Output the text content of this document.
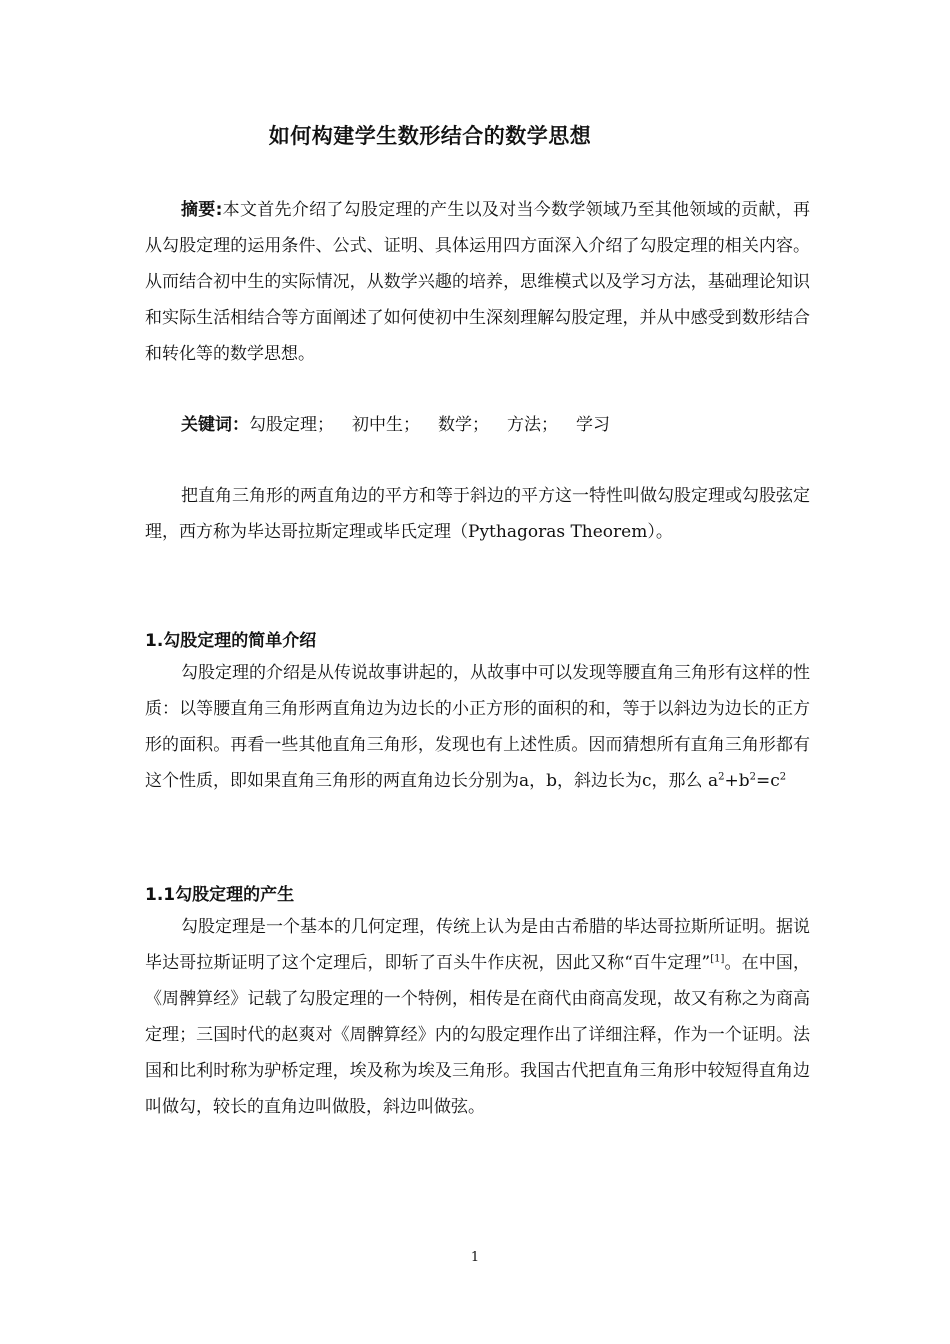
如何构建学生数形结合的数学思想
摘要:本文首先介绍了勾股定理的产生以及对当今数学领域乃至其他领域的贡献，再从勾股定理的运用条件、公式、证明、具体运用四方面深入介绍了勾股定理的相关内容。从而结合初中生的实际情况，从数学兴趣的培养，思维模式以及学习方法，基础理论知识和实际生活相结合等方面阐述了如何使初中生深刻理解勾股定理，并从中感受到数形结合和转化等的数学思想。
关键词：勾股定理； 初中生； 数学； 方法； 学习
把直角三角形的两直角边的平方和等于斜边的平方这一特性叫做勾股定理或勾股弦定理，西方称为毕达哥拉斯定理或毕氏定理（Pythagoras Theorem）。
1.勾股定理的简单介绍
勾股定理的介绍是从传说故事讲起的，从故事中可以发现等腰直角三角形有这样的性质：以等腰直角三角形两直角边为边长的小正方形的面积的和，等于以斜边为边长的正方形的面积。再看一些其他直角三角形，发现也有上述性质。因而猜想所有直角三角形都有这个性质，即如果直角三角形的两直角边长分别为a，b，斜边长为c，那么 $a^2+b^2=c^2$
1.1勾股定理的产生
勾股定理是一个基本的几何定理，传统上认为是由古希腊的毕达哥拉斯所证明。据说毕达哥拉斯证明了这个定理后，即斩了百头牛作庆祝，因此又称“百牛定理”[1]。在中国，《周髀算经》记载了勾股定理的一个特例，相传是在商代由商高发现，故又有称之为商高定理；三国时代的赵爽对《周髀算经》内的勾股定理作出了详细注释，作为一个证明。法国和比利时称为驴桥定理，埃及称为埃及三角形。我国古代把直角三角形中较短得直角边叫做勾，较长的直角边叫做股，斜边叫做弦。
1
